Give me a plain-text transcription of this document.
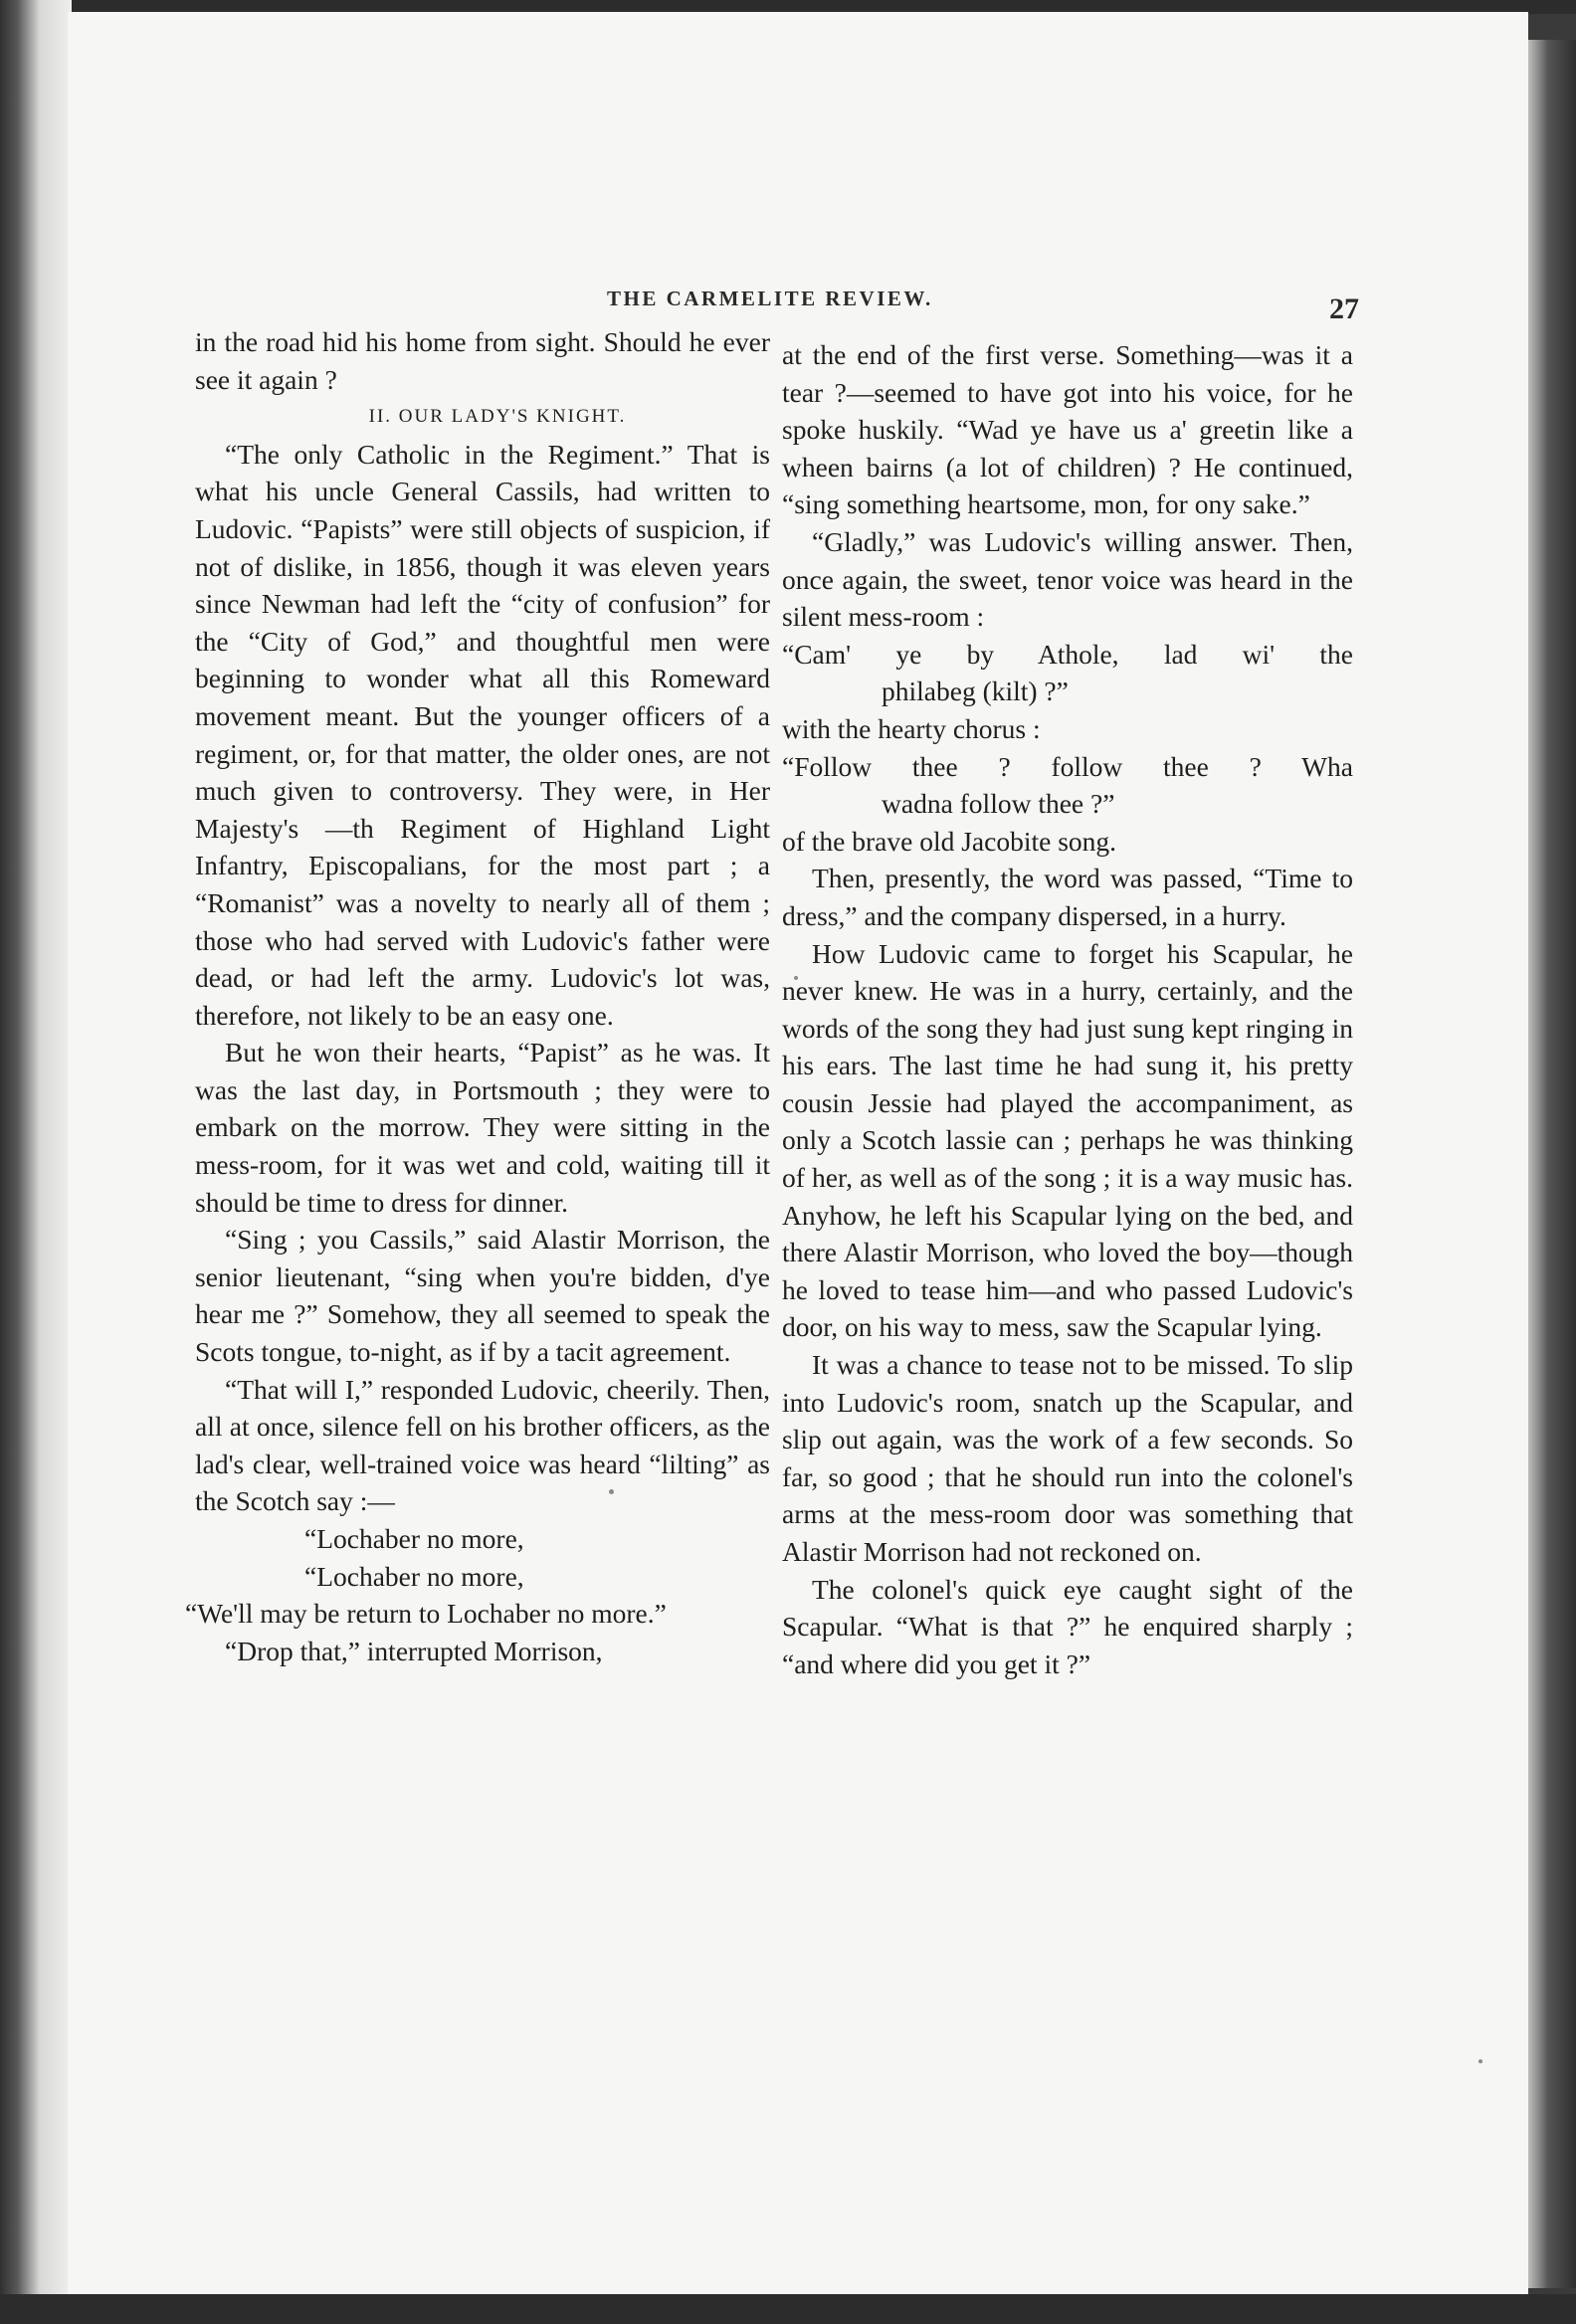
THE CARMELITE REVIEW.	27

in the road hid his home from sight. Should he ever see it again ?

II. OUR LADY'S KNIGHT.

“The only Catholic in the Regiment.” That is what his uncle General Cassils, had written to Ludovic. “Papists” were still objects of suspicion, if not of dislike, in 1856, though it was eleven years since Newman had left the “city of confusion” for the “City of God,” and thoughtful men were beginning to wonder what all this Romeward movement meant. But the younger officers of a regiment, or, for that matter, the older ones, are not much given to controversy. They were, in Her Majesty's —th Regiment of Highland Light Infantry, Episcopalians, for the most part ; a “Romanist” was a novelty to nearly all of them ; those who had served with Ludovic's father were dead, or had left the army. Ludovic's lot was, therefore, not likely to be an easy one.

But he won their hearts, “Papist” as he was. It was the last day, in Portsmouth ; they were to embark on the morrow. They were sitting in the mess-room, for it was wet and cold, waiting till it should be time to dress for dinner.

“Sing ; you Cassils,” said Alastir Morrison, the senior lieutenant, “sing when you're bidden, d'ye hear me ?” Somehow, they all seemed to speak the Scots tongue, to-night, as if by a tacit agreement.

“That will I,” responded Ludovic, cheerily. Then, all at once, silence fell on his brother officers, as the lad's clear, well-trained voice was heard “lilting” as the Scotch say :—

“Lochaber no more,

“Lochaber no more,

“We'll may be return to Lochaber no more.”

“Drop that,” interrupted Morrison,

at the end of the first verse. Something—was it a tear ?—seemed to have got into his voice, for he spoke huskily. “Wad ye have us a' greetin like a wheen bairns (a lot of children) ? He continued, “sing something heartsome, mon, for ony sake.”

“Gladly,” was Ludovic's willing answer. Then, once again, the sweet, tenor voice was heard in the silent mess-room :

“Cam' ye by Athole, lad wi' the

philabeg (kilt) ?”

with the hearty chorus :

“Follow thee ? follow thee ? Wha

wadna follow thee ?”

of the brave old Jacobite song.

Then, presently, the word was passed, “Time to dress,” and the company dispersed, in a hurry.

How Ludovic came to forget his Scapular, he never knew. He was in a hurry, certainly, and the words of the song they had just sung kept ringing in his ears. The last time he had sung it, his pretty cousin Jessie had played the accompaniment, as only a Scotch lassie can ; perhaps he was thinking of her, as well as of the song ; it is a way music has. Anyhow, he left his Scapular lying on the bed, and there Alastir Morrison, who loved the boy—though he loved to tease him—and who passed Ludovic's door, on his way to mess, saw the Scapular lying.

It was a chance to tease not to be missed. To slip into Ludovic's room, snatch up the Scapular, and slip out again, was the work of a few seconds. So far, so good ; that he should run into the colonel's arms at the mess-room door was something that Alastir Morrison had not reckoned on.

The colonel's quick eye caught sight of the Scapular. “What is that ?” he enquired sharply ; “and where did you get it ?”
